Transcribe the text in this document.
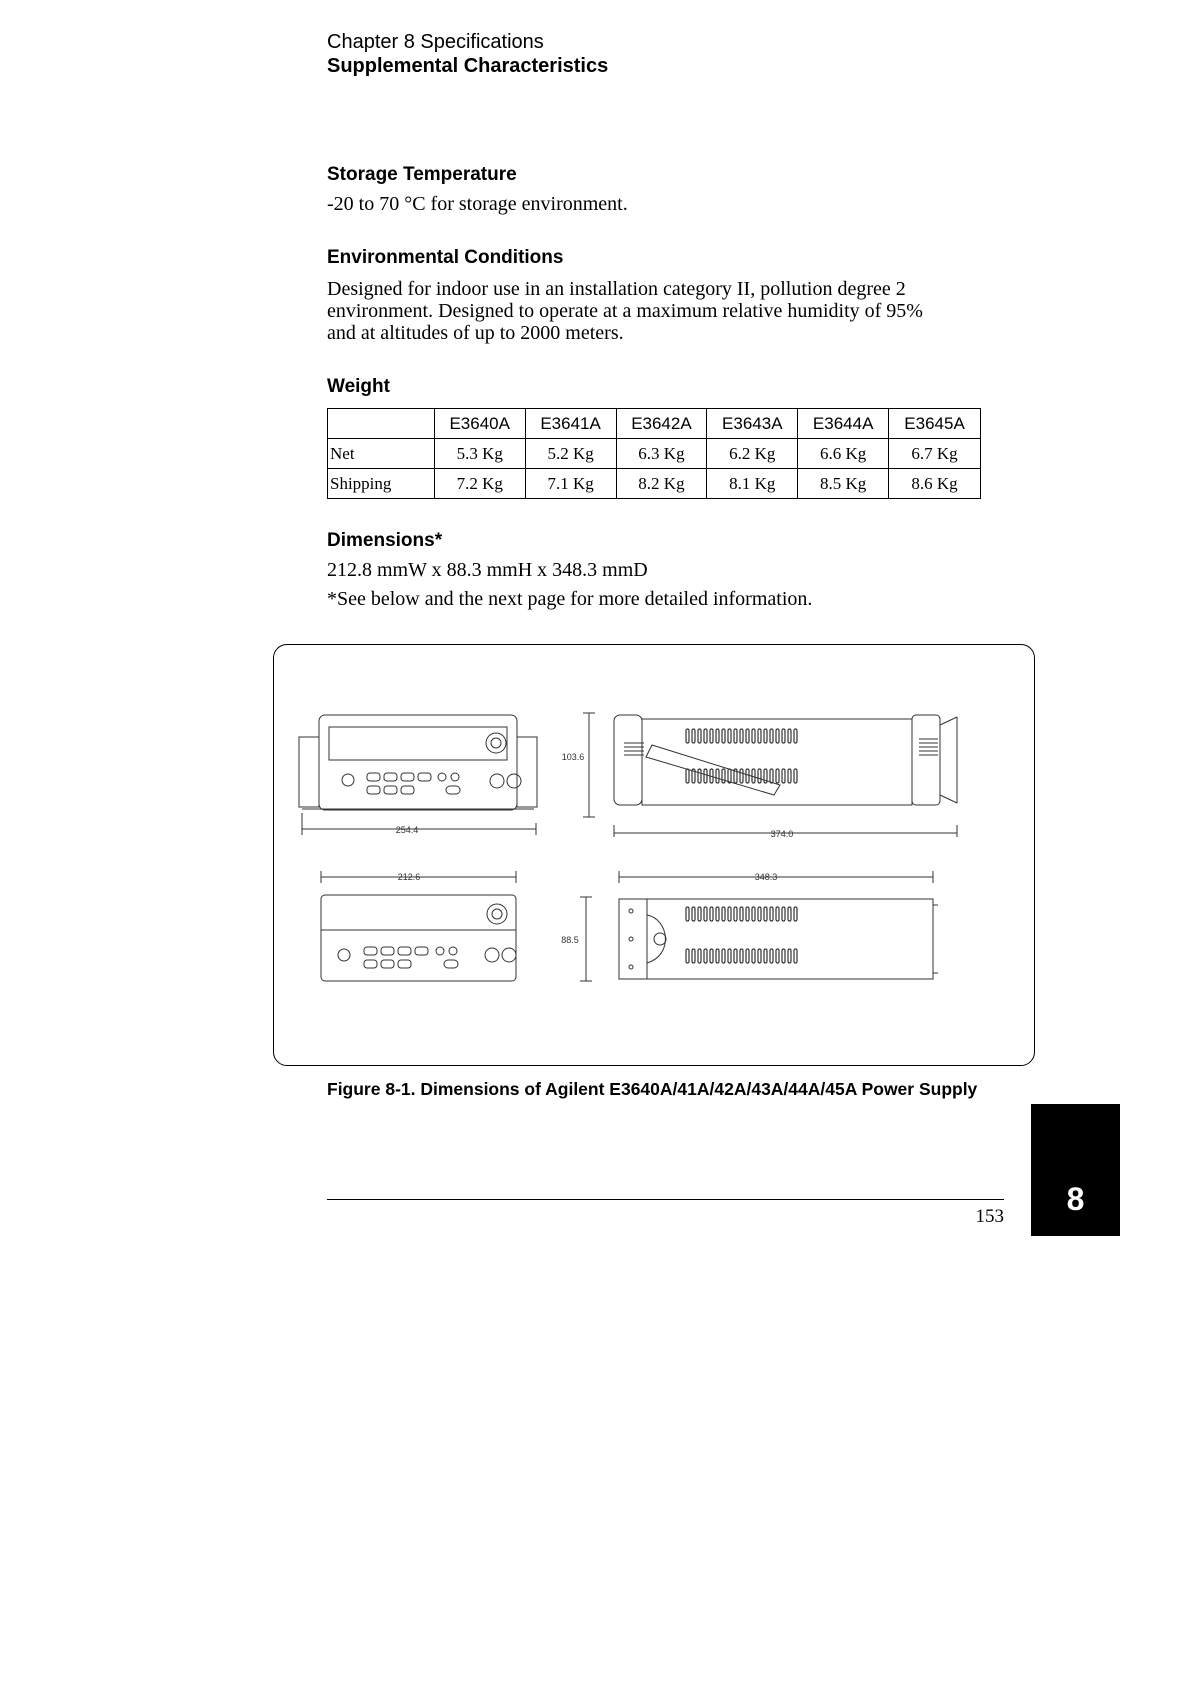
Chapter 8 Specifications
Supplemental Characteristics
Storage Temperature
-20 to 70 °C for storage environment.
Environmental Conditions
Designed for indoor use in an installation category II, pollution degree 2
environment. Designed to operate at a maximum relative humidity of 95%
and at altitudes of up to 2000 meters.
Weight
	E3640A	E3641A	E3642A	E3643A	E3644A	E3645A
Net	5.3 Kg	5.2 Kg	6.3 Kg	6.2 Kg	6.6 Kg	6.7 Kg
Shipping	7.2 Kg	7.1 Kg	8.2 Kg	8.1 Kg	8.5 Kg	8.6 Kg
Dimensions*
212.8 mmW x 88.3 mmH x 348.3 mmD
*See below and the next page for more detailed information.
254.4
103.6
374.0
212.6	348.3
88.5
Figure 8-1. Dimensions of Agilent E3640A/41A/42A/43A/44A/45A Power Supply
153	8
